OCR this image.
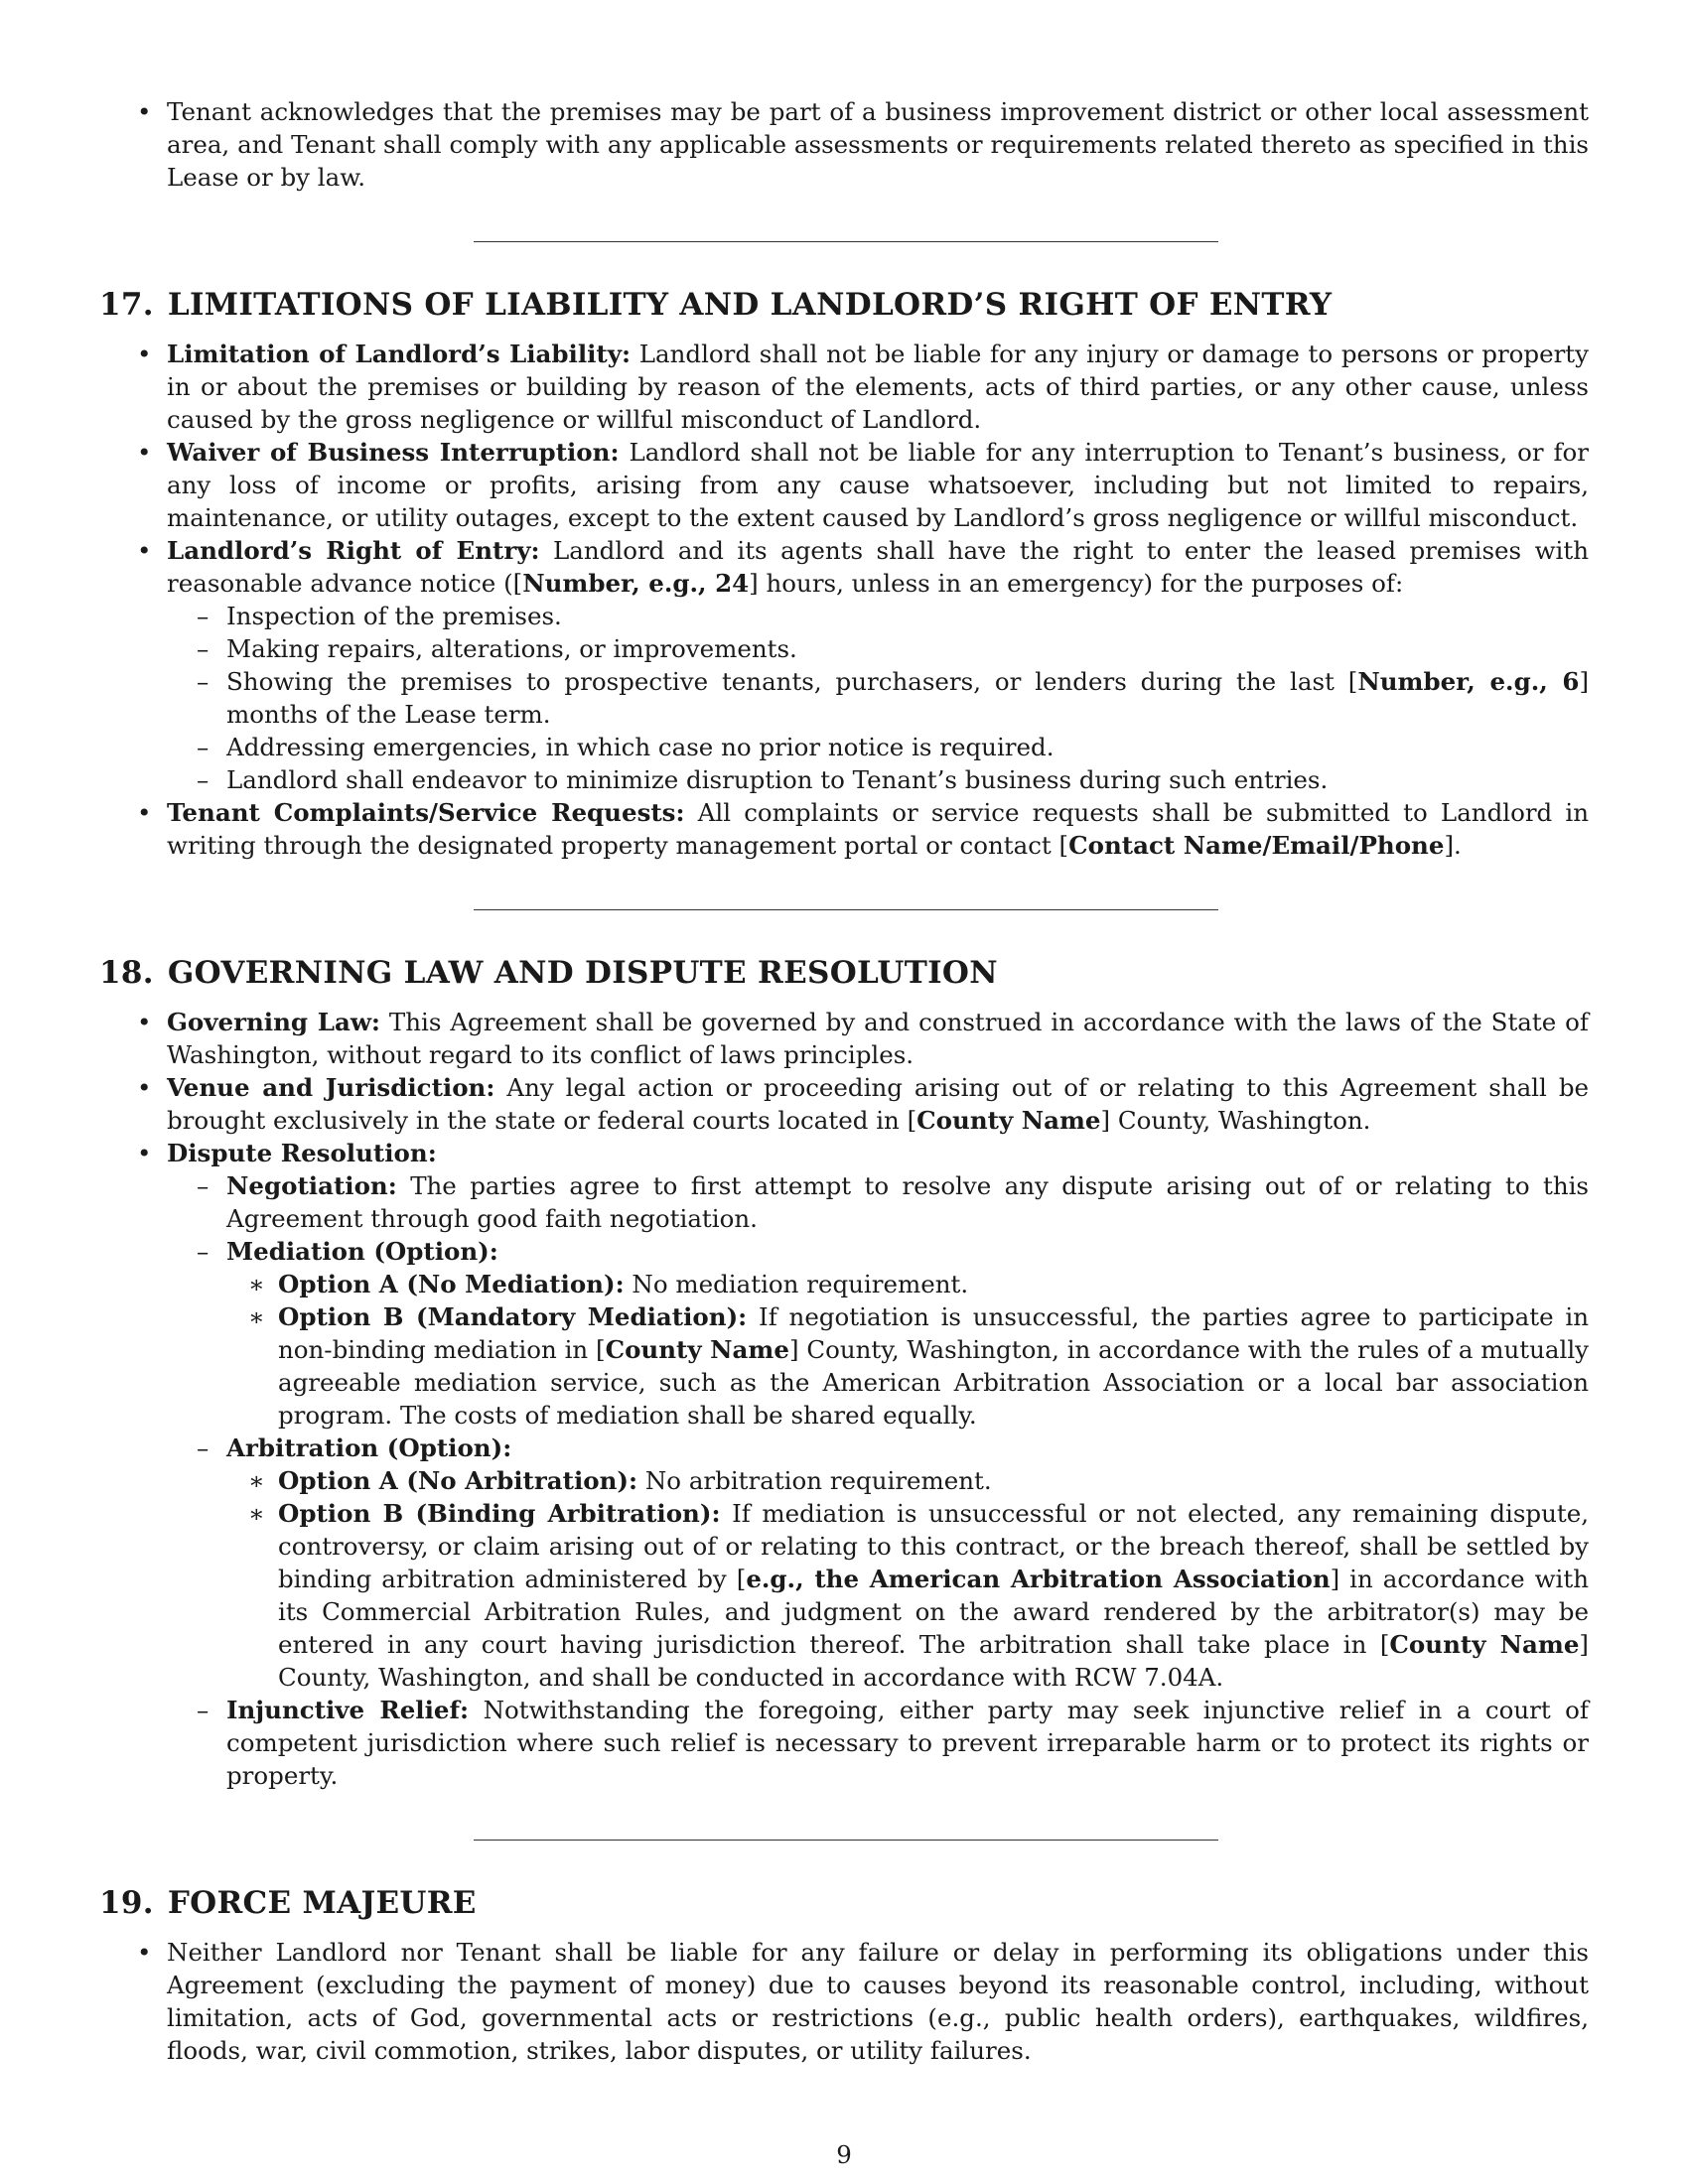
• Tenant acknowledges that the premises may be part of a business improvement district or other local assessment area, and Tenant shall comply with any applicable assessments or requirements related thereto as specified in this Lease or by law.
17. LIMITATIONS OF LIABILITY AND LANDLORD’S RIGHT OF ENTRY
• Limitation of Landlord’s Liability: Landlord shall not be liable for any injury or damage to persons or property in or about the premises or building by reason of the elements, acts of third parties, or any other cause, unless caused by the gross negligence or willful misconduct of Landlord.
• Waiver of Business Interruption: Landlord shall not be liable for any interruption to Tenant’s business, or for any loss of income or profits, arising from any cause whatsoever, including but not limited to repairs, maintenance, or utility outages, except to the extent caused by Landlord’s gross negligence or willful misconduct.
• Landlord’s Right of Entry: Landlord and its agents shall have the right to enter the leased premises with reasonable advance notice ([Number, e.g., 24] hours, unless in an emergency) for the purposes of:
– Inspection of the premises.
– Making repairs, alterations, or improvements.
– Showing the premises to prospective tenants, purchasers, or lenders during the last [Number, e.g., 6] months of the Lease term.
– Addressing emergencies, in which case no prior notice is required.
– Landlord shall endeavor to minimize disruption to Tenant’s business during such entries.
• Tenant Complaints/Service Requests: All complaints or service requests shall be submitted to Landlord in writing through the designated property management portal or contact [Contact Name/Email/Phone].
18. GOVERNING LAW AND DISPUTE RESOLUTION
• Governing Law: This Agreement shall be governed by and construed in accordance with the laws of the State of Washington, without regard to its conflict of laws principles.
• Venue and Jurisdiction: Any legal action or proceeding arising out of or relating to this Agreement shall be brought exclusively in the state or federal courts located in [County Name] County, Washington.
• Dispute Resolution:
– Negotiation: The parties agree to first attempt to resolve any dispute arising out of or relating to this Agreement through good faith negotiation.
– Mediation (Option):
∗ Option A (No Mediation): No mediation requirement.
∗ Option B (Mandatory Mediation): If negotiation is unsuccessful, the parties agree to participate in non-binding mediation in [County Name] County, Washington, in accordance with the rules of a mutually agreeable mediation service, such as the American Arbitration Association or a local bar association program. The costs of mediation shall be shared equally.
– Arbitration (Option):
∗ Option A (No Arbitration): No arbitration requirement.
∗ Option B (Binding Arbitration): If mediation is unsuccessful or not elected, any remaining dispute, controversy, or claim arising out of or relating to this contract, or the breach thereof, shall be settled by binding arbitration administered by [e.g., the American Arbitration Association] in accordance with its Commercial Arbitration Rules, and judgment on the award rendered by the arbitrator(s) may be entered in any court having jurisdiction thereof. The arbitration shall take place in [County Name] County, Washington, and shall be conducted in accordance with RCW 7.04A.
– Injunctive Relief: Notwithstanding the foregoing, either party may seek injunctive relief in a court of competent jurisdiction where such relief is necessary to prevent irreparable harm or to protect its rights or property.
19. FORCE MAJEURE
• Neither Landlord nor Tenant shall be liable for any failure or delay in performing its obligations under this Agreement (excluding the payment of money) due to causes beyond its reasonable control, including, without limitation, acts of God, governmental acts or restrictions (e.g., public health orders), earthquakes, wildfires, floods, war, civil commotion, strikes, labor disputes, or utility failures.
9
